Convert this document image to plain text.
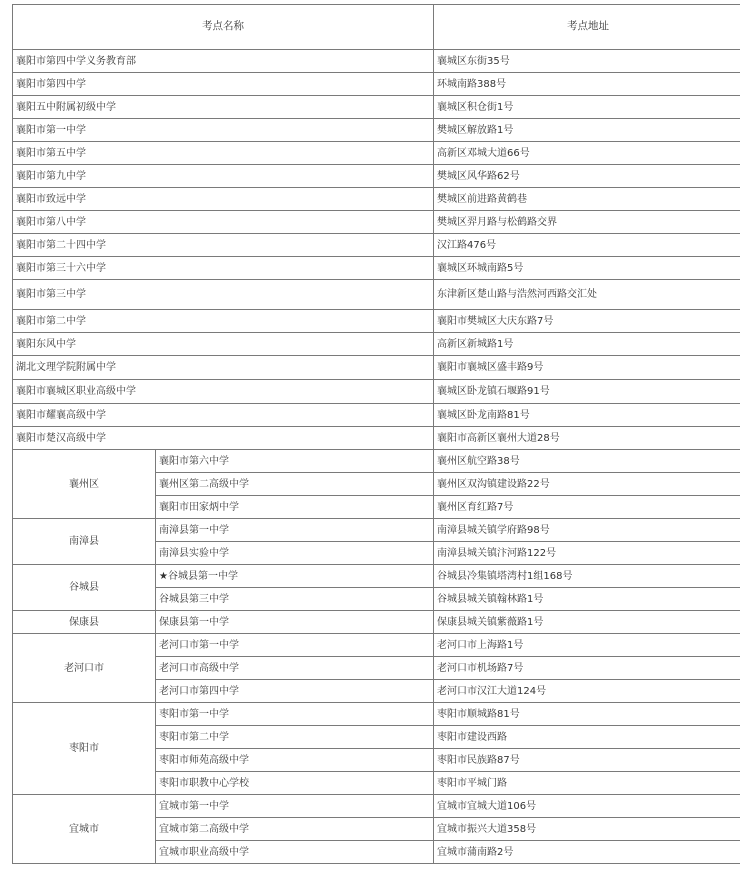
考点名称		考点地址
襄阳市第四中学义务教育部		襄城区东街35号
襄阳市第四中学		环城南路388号
襄阳五中附属初级中学		襄城区积仓街1号
襄阳市第一中学		樊城区解放路1号
襄阳市第五中学		高新区邓城大道66号
襄阳市第九中学		樊城区风华路62号
襄阳市致远中学		樊城区前进路黄鹤巷
襄阳市第八中学		樊城区羿月路与松鹤路交界
襄阳市第二十四中学		汉江路476号
襄阳市第三十六中学		襄城区环城南路5号
襄阳市第三中学		东津新区楚山路与浩然河西路交汇处
襄阳市第二中学		襄阳市樊城区大庆东路7号
襄阳东风中学		高新区新城路1号
湖北文理学院附属中学		襄阳市襄城区盛丰路9号
襄阳市襄城区职业高级中学		襄城区卧龙镇石堰路91号
襄阳市耀襄高级中学		襄城区卧龙南路81号
襄阳市楚汉高级中学		襄阳市高新区襄州大道28号
襄州区	襄阳市第六中学	襄州区航空路38号
	襄州区第二高级中学	襄州区双沟镇建设路22号
	襄阳市田家炳中学	襄州区育红路7号
南漳县	南漳县第一中学	南漳县城关镇学府路98号
	南漳县实验中学	南漳县城关镇汴河路122号
谷城县	★谷城县第一中学	谷城县冷集镇塔湾村1组168号
	谷城县第三中学	谷城县城关镇翰林路1号
保康县	保康县第一中学	保康县城关镇紫薇路1号
老河口市	老河口市第一中学	老河口市上海路1号
	老河口市高级中学	老河口市机场路7号
	老河口市第四中学	老河口市汉江大道124号
枣阳市	枣阳市第一中学	枣阳市顺城路81号
	枣阳市第二中学	枣阳市建设西路
	枣阳市师苑高级中学	枣阳市民族路87号
	枣阳市职教中心学校	枣阳市平城门路
宜城市	宜城市第一中学	宜城市宜城大道106号
	宜城市第二高级中学	宜城市振兴大道358号
	宜城市职业高级中学	宜城市蒲南路2号
